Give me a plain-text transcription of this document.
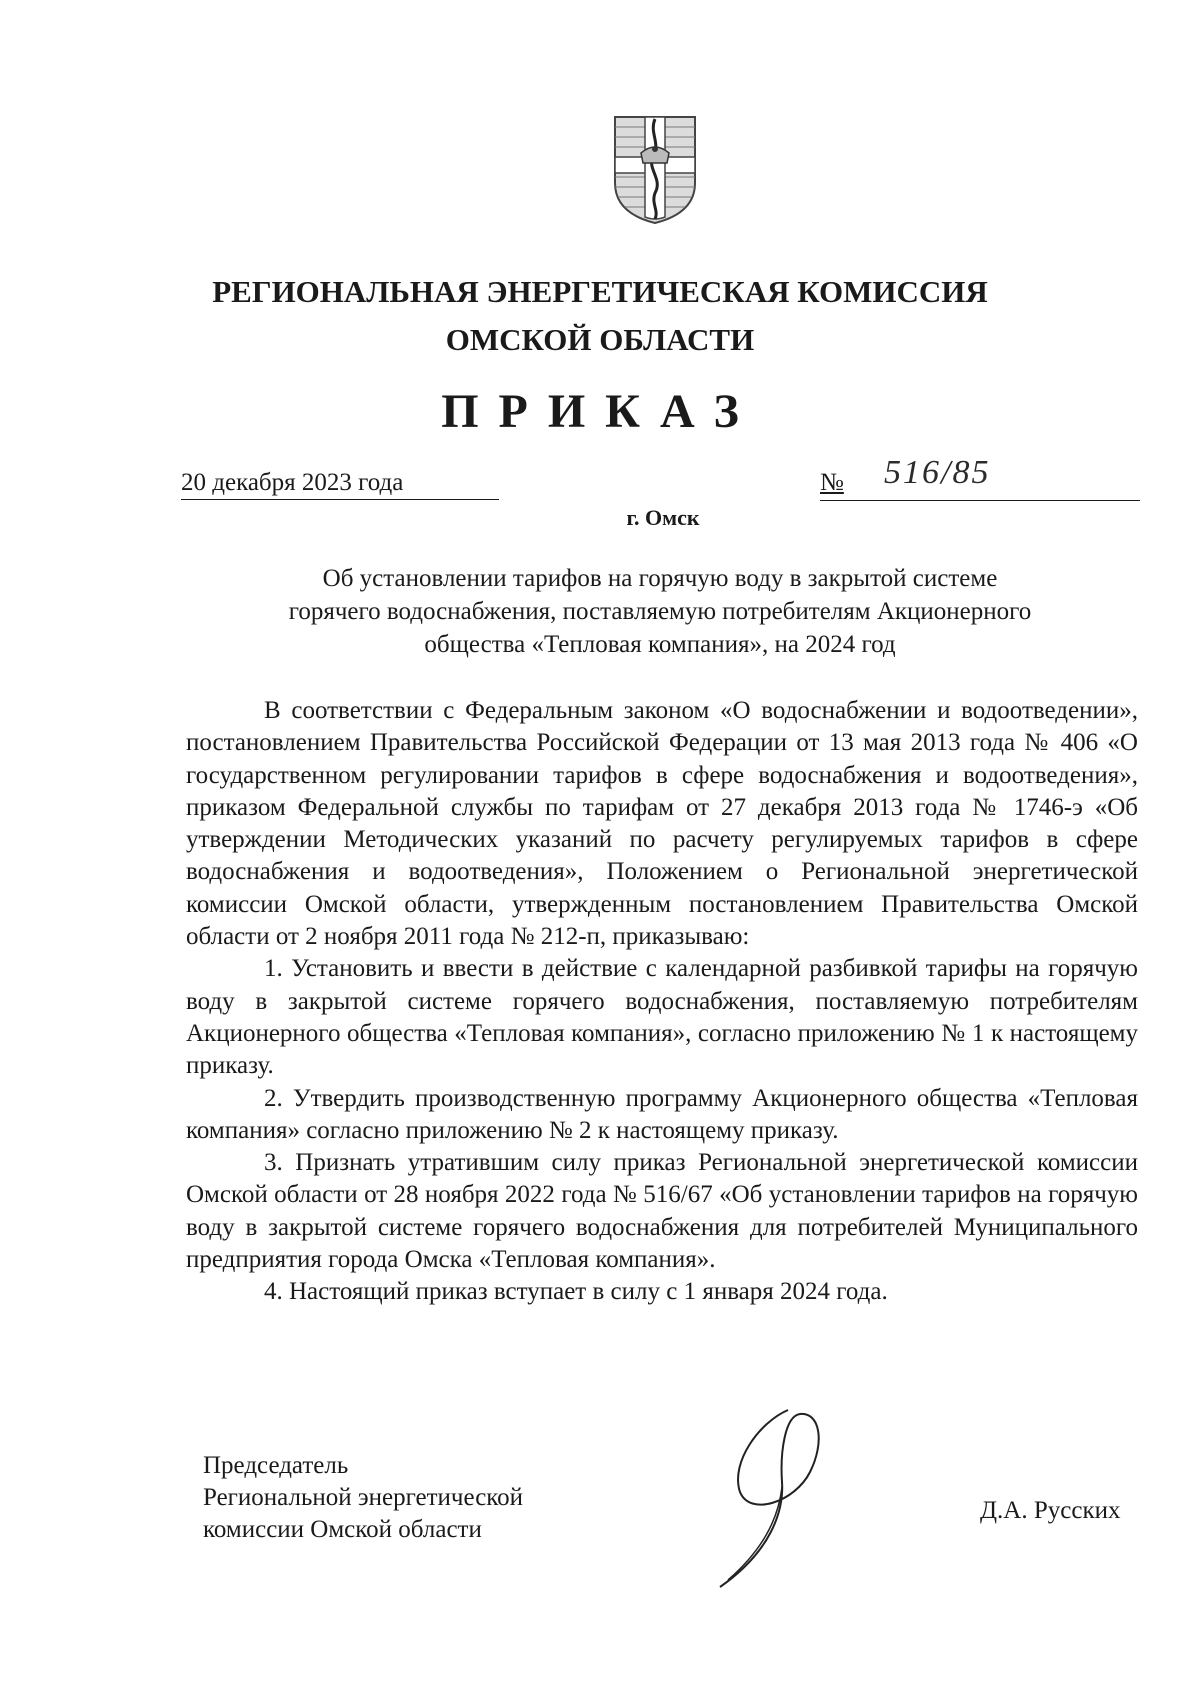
РЕГИОНАЛЬНАЯ ЭНЕРГЕТИЧЕСКАЯ КОМИССИЯ
ОМСКОЙ ОБЛАСТИ
ПРИКАЗ
20 декабря 2023 года	№ 516/85
г. Омск
Об установлении тарифов на горячую воду в закрытой системе
горячего водоснабжения, поставляемую потребителям Акционерного
общества «Тепловая компания», на 2024 год

В соответствии с Федеральным законом «О водоснабжении и водоотведении», постановлением Правительства Российской Федерации от 13 мая 2013 года № 406 «О государственном регулировании тарифов в сфере водоснабжения и водоотведения», приказом Федеральной службы по тарифам от 27 декабря 2013 года № 1746-э «Об утверждении Методических указаний по расчету регулируемых тарифов в сфере водоснабжения и водоотведения», Положением о Региональной энергетической комиссии Омской области, утвержденным постановлением Правительства Омской области от 2 ноября 2011 года № 212-п, приказываю:

1. Установить и ввести в действие с календарной разбивкой тарифы на горячую воду в закрытой системе горячего водоснабжения, поставляемую потребителям Акционерного общества «Тепловая компания», согласно приложению № 1 к настоящему приказу.

2. Утвердить производственную программу Акционерного общества «Тепловая компания» согласно приложению № 2 к настоящему приказу.

3. Признать утратившим силу приказ Региональной энергетической комиссии Омской области от 28 ноября 2022 года № 516/67 «Об установлении тарифов на горячую воду в закрытой системе горячего водоснабжения для потребителей Муниципального предприятия города Омска «Тепловая компания».

4. Настоящий приказ вступает в силу с 1 января 2024 года.

Председатель
Региональной энергетической
комиссии Омской области
Д.А. Русских
